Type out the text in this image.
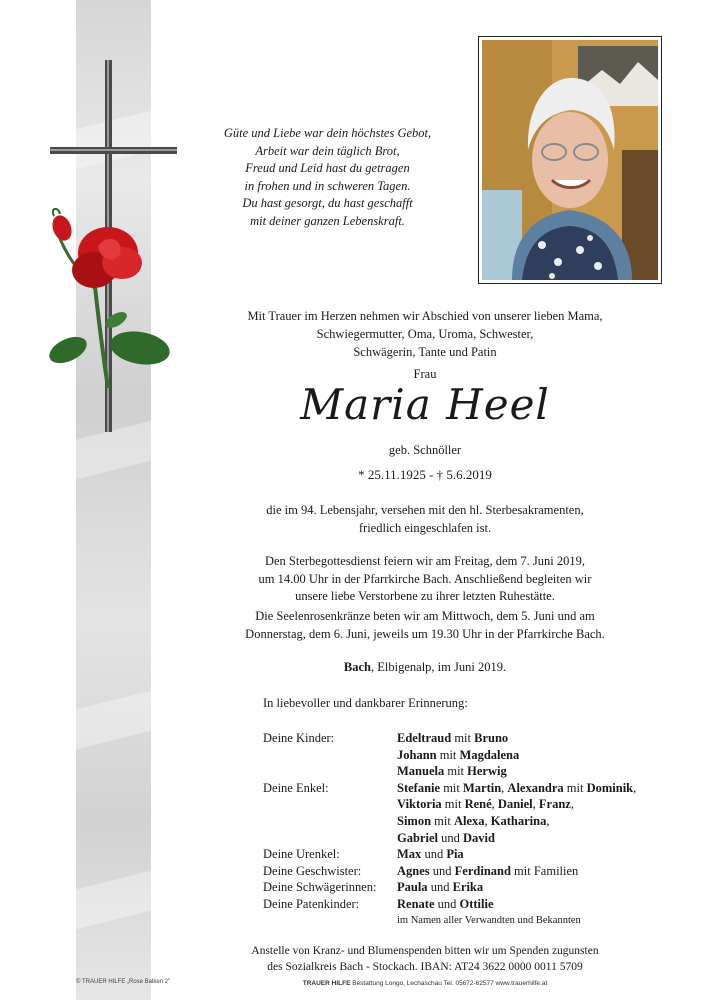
© TRAUER HILFE „Rose Balken 2"
Güte und Liebe war dein höchstes Gebot,
Arbeit war dein täglich Brot,
Freud und Leid hast du getragen
in frohen und in schweren Tagen.
Du hast gesorgt, du hast geschafft
mit deiner ganzen Lebenskraft.
Mit Trauer im Herzen nehmen wir Abschied von unserer lieben Mama,
Schwiegermutter, Oma, Uroma, Schwester,
Schwägerin, Tante und Patin
Frau
Maria Heel
geb. Schnöller
* 25.11.1925 - † 5.6.2019
die im 94. Lebensjahr, versehen mit den hl. Sterbesakramenten,
friedlich eingeschlafen ist.
Den Sterbegottesdienst feiern wir am Freitag, dem 7. Juni 2019,
um 14.00 Uhr in der Pfarrkirche Bach. Anschließend begleiten wir
unsere liebe Verstorbene zu ihrer letzten Ruhestätte.
Die Seelenrosenkränze beten wir am Mittwoch, dem 5. Juni und am
Donnerstag, dem 6. Juni, jeweils um 19.30 Uhr in der Pfarrkirche Bach.
Bach, Elbigenalp, im Juni 2019.
In liebevoller und dankbarer Erinnerung:
Deine Kinder:	Edeltraud mit Bruno
Johann mit Magdalena
Manuela mit Herwig
Deine Enkel:	Stefanie mit Martin, Alexandra mit Dominik,
Viktoria mit René, Daniel, Franz,
Simon mit Alexa, Katharina,
Gabriel und David
Deine Urenkel:	Max und Pia
Deine Geschwister:	Agnes und Ferdinand mit Familien
Deine Schwägerinnen:	Paula und Erika
Deine Patenkinder:	Renate und Ottilie
im Namen aller Verwandten und Bekannten
Anstelle von Kranz- und Blumenspenden bitten wir um Spenden zugunsten
des Sozialkreis Bach - Stockach. IBAN: AT24 3622 0000 0011 5709
TRAUER HILFE Bestattung Longo, Lechaschau Tel. 05672-62577 www.trauerhilfe.at
